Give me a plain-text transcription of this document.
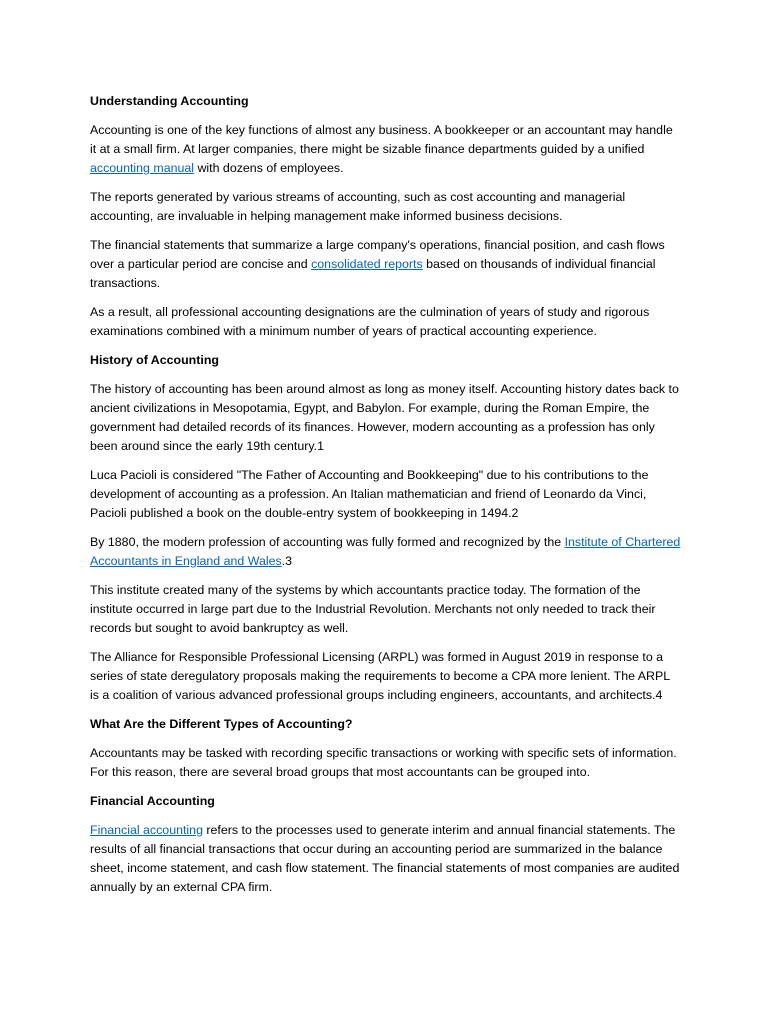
Understanding Accounting

Accounting is one of the key functions of almost any business. A bookkeeper or an accountant may handle it at a small firm. At larger companies, there might be sizable finance departments guided by a unified accounting manual with dozens of employees.

The reports generated by various streams of accounting, such as cost accounting and managerial accounting, are invaluable in helping management make informed business decisions.

The financial statements that summarize a large company's operations, financial position, and cash flows over a particular period are concise and consolidated reports based on thousands of individual financial transactions.

As a result, all professional accounting designations are the culmination of years of study and rigorous examinations combined with a minimum number of years of practical accounting experience.

History of Accounting

The history of accounting has been around almost as long as money itself. Accounting history dates back to ancient civilizations in Mesopotamia, Egypt, and Babylon. For example, during the Roman Empire, the government had detailed records of its finances. However, modern accounting as a profession has only been around since the early 19th century.1

Luca Pacioli is considered "The Father of Accounting and Bookkeeping" due to his contributions to the development of accounting as a profession. An Italian mathematician and friend of Leonardo da Vinci, Pacioli published a book on the double-entry system of bookkeeping in 1494.2

By 1880, the modern profession of accounting was fully formed and recognized by the Institute of Chartered Accountants in England and Wales.3

This institute created many of the systems by which accountants practice today. The formation of the institute occurred in large part due to the Industrial Revolution. Merchants not only needed to track their records but sought to avoid bankruptcy as well.

The Alliance for Responsible Professional Licensing (ARPL) was formed in August 2019 in response to a series of state deregulatory proposals making the requirements to become a CPA more lenient. The ARPL is a coalition of various advanced professional groups including engineers, accountants, and architects.4

What Are the Different Types of Accounting?

Accountants may be tasked with recording specific transactions or working with specific sets of information. For this reason, there are several broad groups that most accountants can be grouped into.

Financial Accounting

Financial accounting refers to the processes used to generate interim and annual financial statements. The results of all financial transactions that occur during an accounting period are summarized in the balance sheet, income statement, and cash flow statement. The financial statements of most companies are audited annually by an external CPA firm.
